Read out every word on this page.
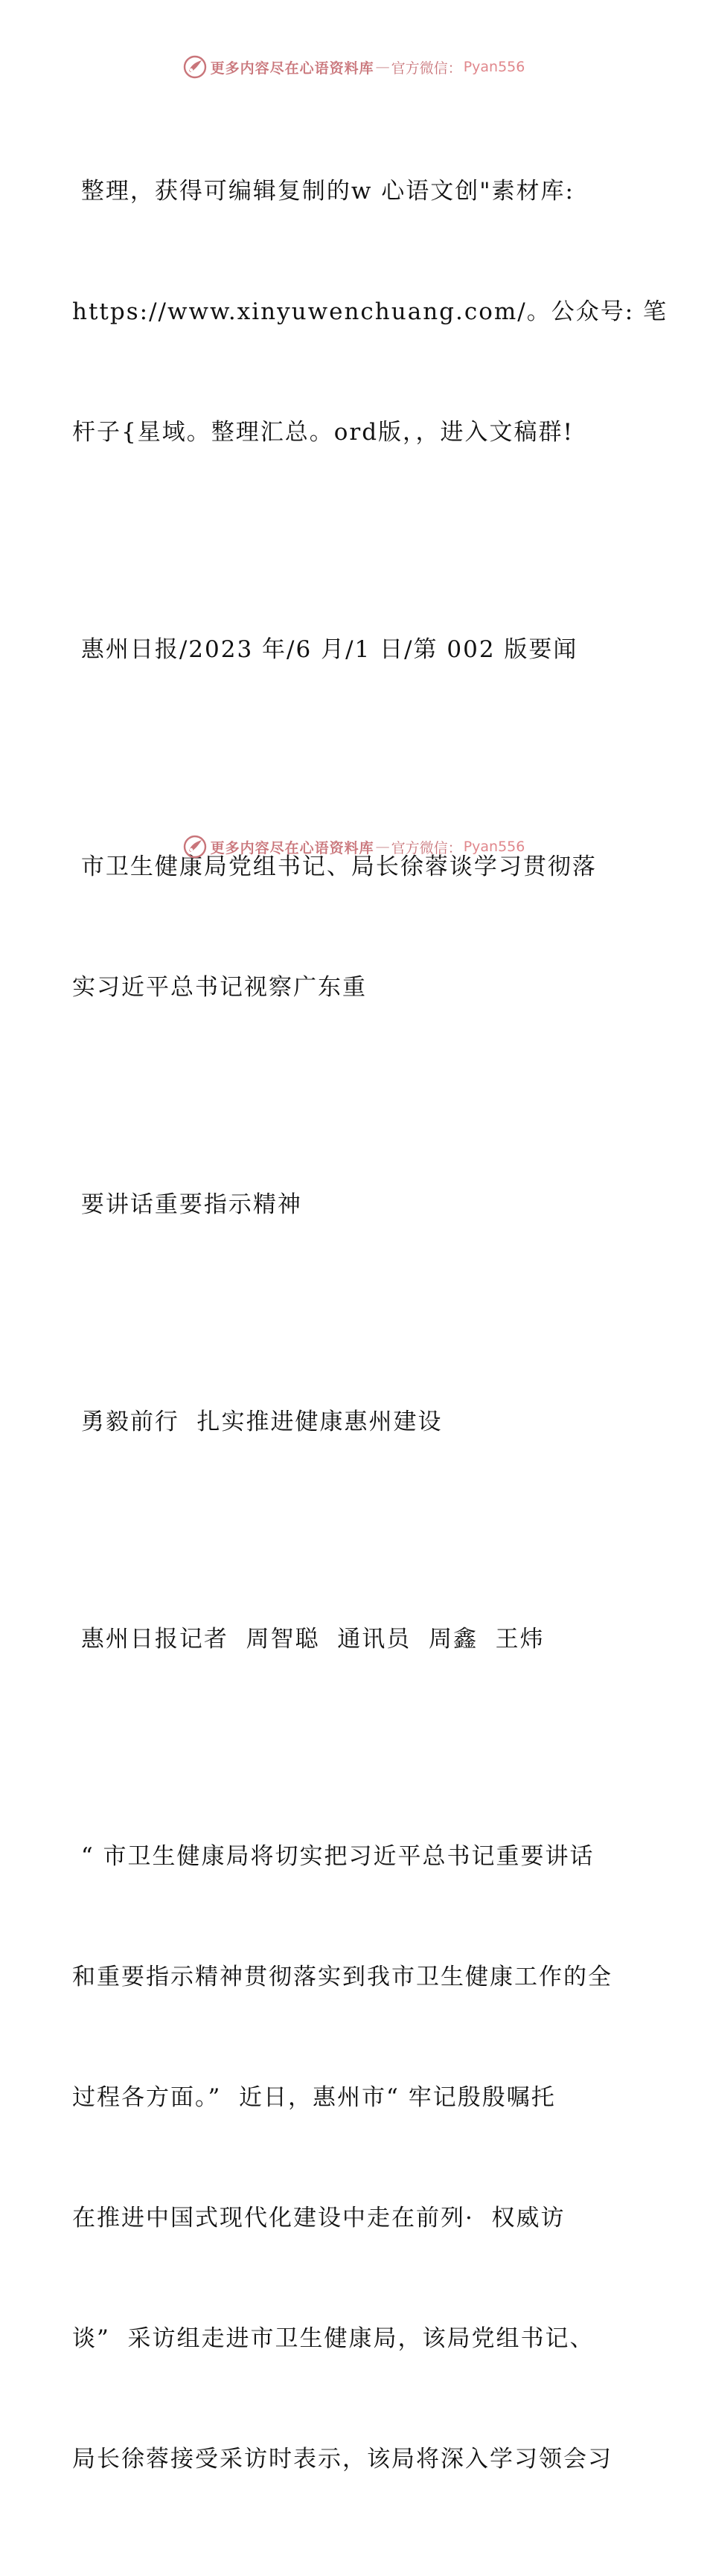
更多内容尽在心语资料库 — 官方微信： Pyan556

整理，获得可编辑复制的w 心语文创"素材库:

https://www.xinyuwenchuang.com/。公众号: 笔

杆子{星域。整理汇总。ord版，，进入文稿群!

惠州日报/2023 年/6 月/1 日/第 002 版要闻

市卫生健康局党组书记、局长徐蓉谈学习贯彻落

实习近平总书记视察广东重

要讲话重要指示精神

勇毅前行  扎实推进健康惠州建设

惠州日报记者  周智聪  通讯员  周鑫  王炜

“ 市卫生健康局将切实把习近平总书记重要讲话

和重要指示精神贯彻落实到我市卫生健康工作的全

过程各方面。”  近日，惠州市“ 牢记殷殷嘱托

在推进中国式现代化建设中走在前列·  权威访

谈”  采访组走进市卫生健康局，该局党组书记、

局长徐蓉接受采访时表示，该局将深入学习领会习

更多内容尽在心语资料库 — 官方微信： Pyan556
